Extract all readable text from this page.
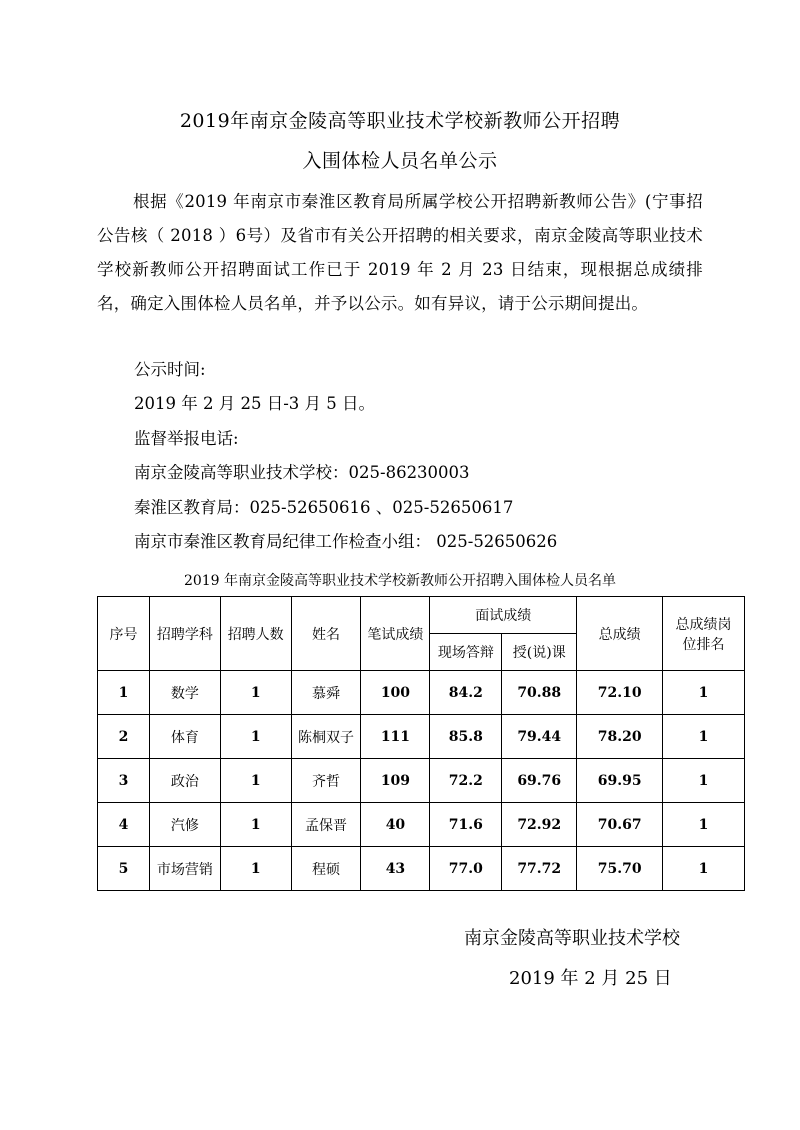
2019年南京金陵高等职业技术学校新教师公开招聘
入围体检人员名单公示
根据《2019 年南京市秦淮区教育局所属学校公开招聘新教师公告》(宁事招公告核（ 2018 ）6号）及省市有关公开招聘的相关要求，南京金陵高等职业技术学校新教师公开招聘面试工作已于 2019 年 2 月 23 日结束，现根据总成绩排名，确定入围体检人员名单，并予以公示。如有异议，请于公示期间提出。
公示时间:
2019 年 2 月 25 日-3 月 5 日。
监督举报电话:
南京金陵高等职业技术学校：025-86230003
秦淮区教育局：025-52650616 、025-52650617
南京市秦淮区教育局纪律工作检查小组： 025-52650626
2019 年南京金陵高等职业技术学校新教师公开招聘入围体检人员名单
序号	招聘学科	招聘人数	姓名	笔试成绩	面试成绩		总成绩	总成绩岗位排名
					现场答辩	授(说)课		
1	数学	1	慕舜	100	84.2	70.88	72.10	1
2	体育	1	陈桐双子	111	85.8	79.44	78.20	1
3	政治	1	齐哲	109	72.2	69.76	69.95	1
4	汽修	1	孟保晋	40	71.6	72.92	70.67	1
5	市场营销	1	程硕	43	77.0	77.72	75.70	1
南京金陵高等职业技术学校
2019 年 2 月 25 日
